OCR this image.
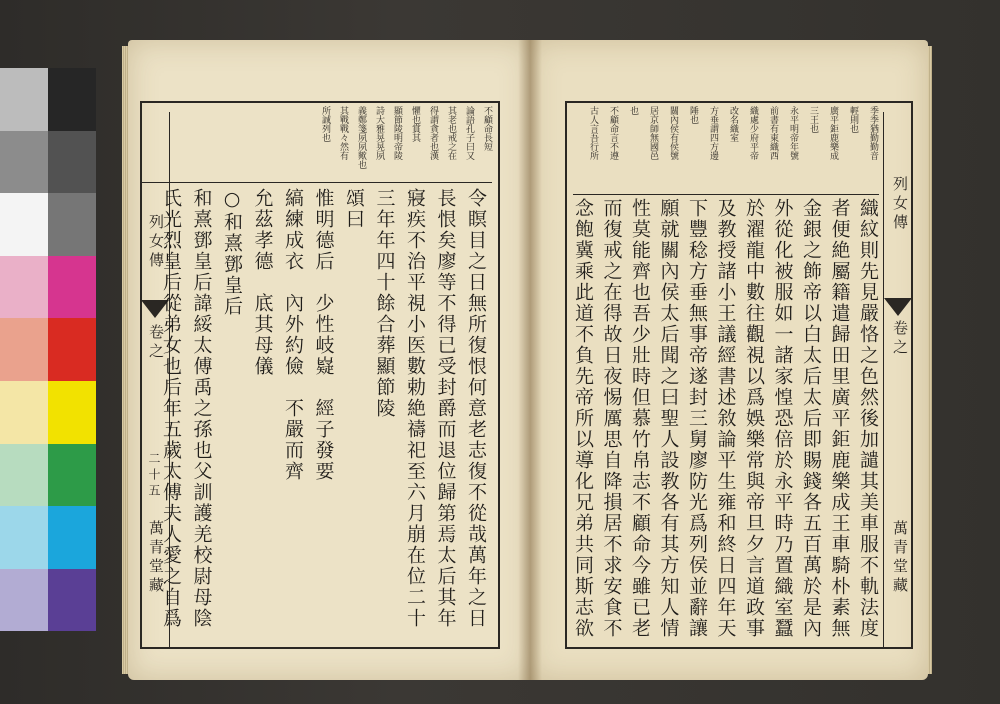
列女傳
卷之
二十五
萬青堂藏
不顧命長短
論語孔子曰又
其老也戒之在
得謂貪者也漢
懼也賞其
顯節陵明帝陵
詩大雅晃晃夙
義鄭箋夙夙歟也
其戰戰々然有
所誠列也
令瞑目之日無所復恨何意老志復不從哉萬年之日
長恨矣廖等不得已受封爵而退位歸第焉太后其年
寢疾不治平視小医數勅絶禱祀至六月崩在位二十
三年年四十餘合葬顯節陵
頌曰
惟明德后　少性岐嶷　經子發要
縞練成衣　內外約儉　不嚴而齊
允茲孝德　底其母儀
○和熹鄧皇后
和熹鄧皇后諱綏太傅禹之孫也父訓護羌校尉母陰
氏光烈皇后從弟女也后年五歲太傅夫人愛之自爲	列女傳
卷之
萬青堂藏
季季猶勤勤音
輕則也
廣平鉅鹿樂成
三王也
永平明帝年號
前書有東織西
織處少府平帝
改名織室
方垂謂四方邊
陲也
關內侯有侯號
居京師無國邑
也
不顧命言不遵
古人言吾行所
織紋則先見嚴恪之色然後加譴其美車服不軌法度
者便絶屬籍遣歸田里廣平鉅鹿樂成王車騎朴素無
金銀之飾帝以白太后太后即賜錢各五百萬於是內
外從化被服如一諸家惶恐倍於永平時乃置織室蠶
於濯龍中數往觀視以爲娛樂常與帝旦夕言道政事
及教授諸小王議經書述敘論平生雍和終日四年天
下豐稔方垂無事帝遂封三舅廖防光爲列侯並辭讓
願就關內侯太后聞之曰聖人設教各有其方知人情
性莫能齊也吾少壯時但慕竹帛志不顧命今雖已老
而復戒之在得故日夜惕厲思自降損居不求安食不
念飽冀乘此道不負先帝所以導化兄弟共同斯志欲
